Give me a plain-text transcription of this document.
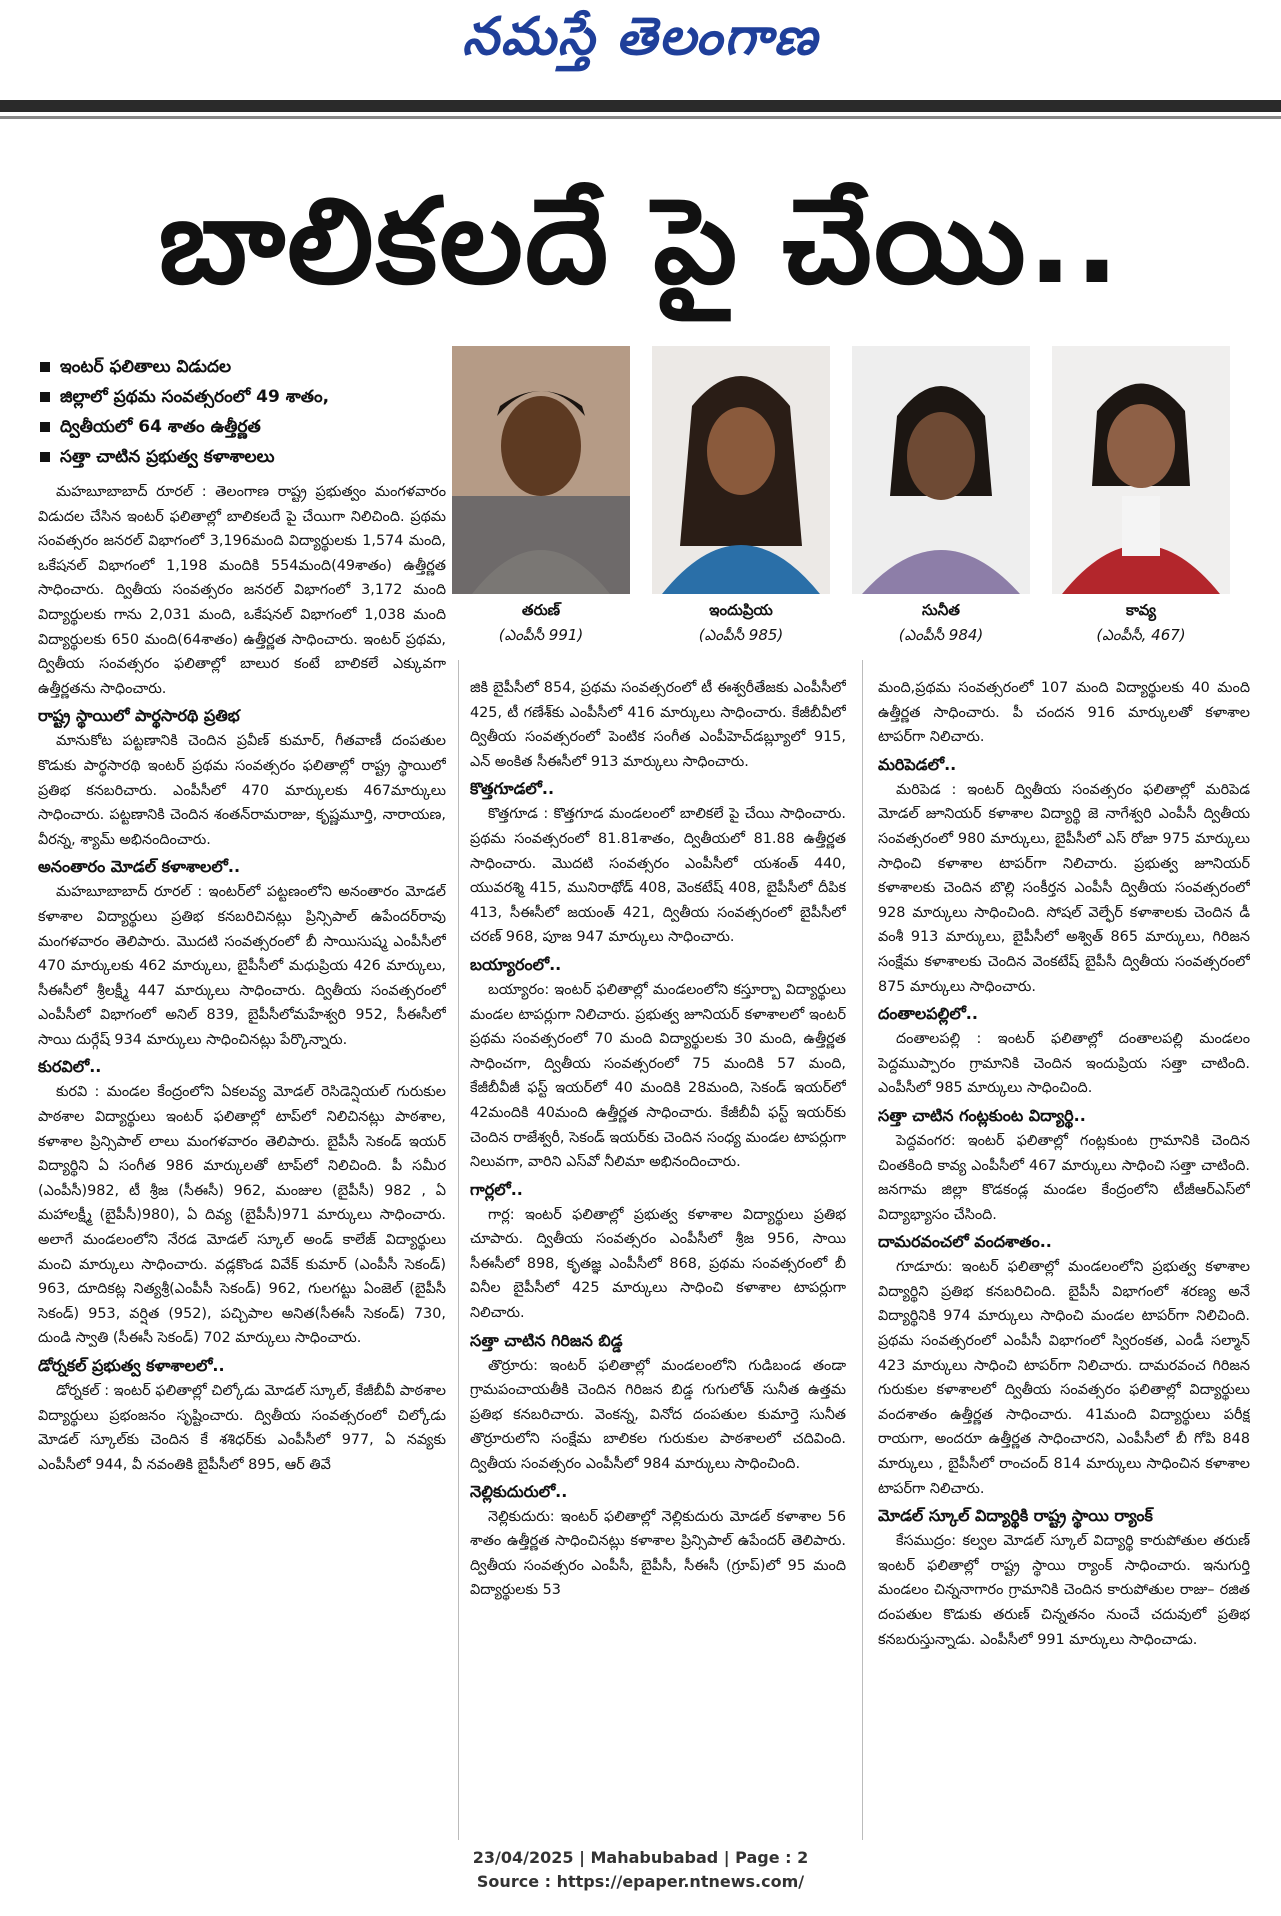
నమస్తే తెలంగాణ
బాలికలదే పై చేయి..
ఇంటర్ ఫలితాలు విడుదల
జిల్లాలో ప్రథమ సంవత్సరంలో 49 శాతం,
ద్వితీయలో 64 శాతం ఉత్తీర్ణత
సత్తా చాటిన ప్రభుత్వ కళాశాలలు
తరుణ్
(ఎంపీసీ 991)
ఇందుప్రియ
(ఎంపీసీ 985)
సునీత
(ఎంపీసీ 984)
కావ్య
(ఎంపీసీ, 467)

మహబూబాబాద్ రూరల్ : తెలంగాణ రాష్ట్ర ప్రభుత్వం మంగళవారం విడుదల చేసిన ఇంటర్ ఫలితాల్లో బాలికలదే పై చేయిగా నిలిచింది. ప్రథమ సంవత్సరం జనరల్ విభాగంలో 3,196మంది విద్యార్థులకు 1,574 మంది, ఒకేషనల్ విభాగంలో 1,198 మందికి 554మంది(49శాతం) ఉత్తీర్ణత సాధించారు. ద్వితీయ సంవత్సరం జనరల్ విభాగంలో 3,172 మంది విద్యార్థులకు గాను 2,031 మంది, ఒకేషనల్ విభాగంలో 1,038 మంది విద్యార్థులకు 650 మంది(64శాతం) ఉత్తీర్ణత సాధించారు. ఇంటర్ ప్రథమ, ద్వితీయ సంవత్సరం ఫలితాల్లో బాలుర కంటే బాలికలే ఎక్కువగా ఉత్తీర్ణతను సాధించారు.

రాష్ట్ర స్థాయిలో పార్థసారథి ప్రతిభ

మానుకోట పట్టణానికి చెందిన ప్రవీణ్ కుమార్, గీతవాణీ దంపతుల కొడుకు పార్థసారథి ఇంటర్ ప్రథమ సంవత్సరం ఫలితాల్లో రాష్ట్ర స్థాయిలో ప్రతిభ కనబరిచారు. ఎంపీసీలో 470 మార్కులకు 467మార్కులు సాధించారు. పట్టణానికి చెందిన శంతన్‌రామరాజు, కృష్ణమూర్తి, నారాయణ, వీరన్న, శ్యామ్ అభినందించారు.

అనంతారం మోడల్ కళాశాలలో..

మహబూబాబాద్ రూరల్ : ఇంటర్‌లో పట్టణంలోని అనంతారం మోడల్ కళాశాల విద్యార్థులు ప్రతిభ కనబరిచినట్లు ప్రిన్సిపాల్ ఉపేందర్‌రావు మంగళవారం తెలిపారు. మొదటి సంవత్సరంలో బీ సాయిసుష్మ ఎంపీసీలో 470 మార్కులకు 462 మార్కులు, బైపీసీలో మధుప్రియ 426 మార్కులు, సీఈసీలో శ్రీలక్ష్మీ 447 మార్కులు సాధించారు. ద్వితీయ సంవత్సరంలో ఎంపీసీలో విభాగంలో అనిల్ 839, బైపీసీలోమహేశ్వరి 952, సీఈసీలో సాయి దుర్గేష్ 934 మార్కులు సాధించినట్లు పేర్కొన్నారు.

కురవిలో..

కురవి : మండల కేంద్రంలోని ఏకలవ్య మోడల్ రెసిడెన్షియల్ గురుకుల పాఠశాల విద్యార్థులు ఇంటర్ ఫలితాల్లో టాప్‌లో నిలిచినట్లు పాఠశాల, కళాశాల ప్రిన్సిపాల్ లాలు మంగళవారం తెలిపారు. బైపీసీ సెకండ్ ఇయర్ విద్యార్థిని ఏ సంగీత 986 మార్కులతో టాప్‌లో నిలిచింది. పీ సమీర (ఎంపీసీ)982, టీ శ్రీజ (సీఈసీ) 962, మంజుల (బైపీసీ) 982 , ఏ మహాలక్ష్మీ (బైపీసీ)980), ఏ దివ్య (బైపీసీ)971 మార్కులు సాధించారు. అలాగే మండలంలోని నేరడ మోడల్ స్కూల్ అండ్ కాలేజ్ విద్యార్థులు మంచి మార్కులు సాధించారు. వడ్లకొండ వివేక్ కుమార్ (ఎంపీసీ సెకండ్) 963, దూదికట్ల నిత్యశ్రీ(ఎంపీసీ సెకండ్) 962, గులగట్టు ఏంజెల్ (బైపీసీ సెకండ్) 953, వర్షిత (952), పచ్చిపాల అనిత(సీఈసీ సెకండ్) 730, దుండి స్వాతి (సీఈసీ సెకండ్) 702 మార్కులు సాధించారు.

డోర్నకల్ ప్రభుత్వ కళాశాలలో..

డోర్నకల్ : ఇంటర్ ఫలితాల్లో చిల్కోడు మోడల్ స్కూల్, కేజీబీవీ పాఠశాల విద్యార్థులు ప్రభంజనం సృష్టించారు. ద్వితీయ సంవత్సరంలో చిల్కోడు మోడల్ స్కూల్‌కు చెందిన కే శశిధర్‌కు ఎంపీసీలో 977, ఏ నవ్యకు ఎంపీసీలో 944, వీ నవంతికి బైపీసీలో 895, ఆర్ తివే

జికి బైపీసీలో 854, ప్రథమ సంవత్సరంలో టీ ఈశ్వరీతేజకు ఎంపీసీలో 425, టీ గణేశ్‌కు ఎంపీసీలో 416 మార్కులు సాధించారు. కేజీబీవీలో ద్వితీయ సంవత్సరంలో పెంటిక సంగీత ఎంపీహెచ్‌డబ్ల్యూలో 915, ఎన్ అంకిత సీఈసీలో 913 మార్కులు సాధించారు.

కొత్తగూడలో..

కొత్తగూడ : కొత్తగూడ మండలంలో బాలికలే పై చేయి సాధించారు. ప్రథమ సంవత్సరంలో 81.81శాతం, ద్వితీయలో 81.88 ఉత్తీర్ణత సాధించారు. మొదటి సంవత్సరం ఎంపీసీలో యశంత్ 440, యువరశ్మి 415, మునిరాథోడ్ 408, వెంకటేష్ 408, బైపీసీలో దీపిక 413, సీఈసీలో జయంత్ 421, ద్వితీయ సంవత్సరంలో బైపీసీలో చరణ్ 968, పూజ 947 మార్కులు సాధించారు.

బయ్యారంలో..

బయ్యారం: ఇంటర్ ఫలితాల్లో మండలంలోని కస్తూర్బా విద్యార్థులు మండల టాపర్లుగా నిలిచారు. ప్రభుత్వ జూనియర్ కళాశాలలో ఇంటర్ ప్రథమ సంవత్సరంలో 70 మంది విద్యార్థులకు 30 మంది, ఉత్తీర్ణత సాధించగా, ద్వితీయ సంవత్సరంలో 75 మందికి 57 మంది, కేజీబీవీజీ ఫస్ట్ ఇయర్‌లో 40 మందికి 28మంది, సెకండ్ ఇయర్‌లో 42మందికి 40మంది ఉత్తీర్ణత సాధించారు. కేజీబీవీ ఫస్ట్ ఇయర్‌కు చెందిన రాజేశ్వరీ, సెకండ్ ఇయర్‌కు చెందిన సంధ్య మండల టాపర్లుగా నిలువగా, వారిని ఎస్‌వో నీలిమా అభినందించారు.

గార్లలో..

గార్ల: ఇంటర్ ఫలితాల్లో ప్రభుత్వ కళాశాల విద్యార్థులు ప్రతిభ చూపారు. ద్వితీయ సంవత్సరం ఎంపీసీలో శ్రీజ 956, సాయి సీఈసీలో 898, కృతజ్ఞ ఎంపీసీలో 868, ప్రథమ సంవత్సరంలో బీ వినీల బైపీసీలో 425 మార్కులు సాధించి కళాశాల టాపర్లుగా నిలిచారు.

సత్తా చాటిన గిరిజన బిడ్డ

తొర్రూరు: ఇంటర్ ఫలితాల్లో మండలంలోని గుడిబండ తండా గ్రామపంచాయతీకి చెందిన గిరిజన బిడ్డ గుగులోత్ సునీత ఉత్తమ ప్రతిభ కనబరిచారు. వెంకన్న, వినోద దంపతుల కుమార్తె సునీత తొర్రూరులోని సంక్షేమ బాలికల గురుకుల పాఠశాలలో చదివింది. ద్వితీయ సంవత్సరం ఎంపీసీలో 984 మార్కులు సాధించింది.

నెల్లికుదురులో..

నెల్లికుదురు: ఇంటర్ ఫలితాల్లో నెల్లికుదురు మోడల్ కళాశాల 56 శాతం ఉత్తీర్ణత సాధించినట్లు కళాశాల ప్రిన్సిపాల్ ఉపేందర్ తెలిపారు. ద్వితీయ సంవత్సరం ఎంపీసీ, బైపీసీ, సీఈసీ (గ్రూప్)లో 95 మంది విద్యార్థులకు 53

మంది,ప్రథమ సంవత్సరంలో 107 మంది విద్యార్థులకు 40 మంది ఉత్తీర్ణత సాధించారు. పీ చందన 916 మార్కులతో కళాశాల టాపర్‌గా నిలిచారు.

మరిపెడలో..

మరిపెడ : ఇంటర్ ద్వితీయ సంవత్సరం ఫలితాల్లో మరిపెడ మోడల్ జూనియర్ కళాశాల విద్యార్థి జె నాగేశ్వరి ఎంపీసీ ద్వితీయ సంవత్సరంలో 980 మార్కులు, బైపీసీలో ఎస్ రోజా 975 మార్కులు సాధించి కళాశాల టాపర్‌గా నిలిచారు. ప్రభుత్వ జూనియర్ కళాశాలకు చెందిన బొల్లి సంకీర్తన ఎంపీసీ ద్వితీయ సంవత్సరంలో 928 మార్కులు సాధించింది. సోషల్ వెల్ఫేర్ కళాశాలకు చెందిన డీ వంశీ 913 మార్కులు, బైపీసీలో అశ్విత్ 865 మార్కులు, గిరిజన సంక్షేమ కళాశాలకు చెందిన వెంకటేష్ బైపీసీ ద్వితీయ సంవత్సరంలో 875 మార్కులు సాధించారు.

దంతాలపల్లిలో..

దంతాలపల్లి : ఇంటర్ ఫలితాల్లో దంతాలపల్లి మండలం పెద్దముప్పారం గ్రామానికి చెందిన ఇందుప్రియ సత్తా చాటింది. ఎంపీసీలో 985 మార్కులు సాధించింది.

సత్తా చాటిన గంట్లకుంట విద్యార్థి..

పెద్దవంగర: ఇంటర్ ఫలితాల్లో గంట్లకుంట గ్రామానికి చెందిన చింతకింది కావ్య ఎంపీసీలో 467 మార్కులు సాధించి సత్తా చాటింది. జనగామ జిల్లా కొడకండ్ల మండల కేంద్రంలోని టీజీఆర్ఎస్‌లో విద్యాభ్యాసం చేసింది.

దామరవంచలో వందశాతం..

గూడూరు: ఇంటర్ ఫలితాల్లో మండలంలోని ప్రభుత్వ కళాశాల విద్యార్థిని ప్రతిభ కనబరిచింది. బైపీసీ విభాగంలో శరణ్య అనే విద్యార్థినికి 974 మార్కులు సాధించి మండల టాపర్‌గా నిలిచింది. ప్రథమ సంవత్సరంలో ఎంపీసీ విభాగంలో స్విరంకత, ఎండీ సల్మాన్ 423 మార్కులు సాధించి టాపర్‌గా నిలిచారు. దామరవంచ గిరిజన గురుకుల కళాశాలలో ద్వితీయ సంవత్సరం ఫలితాల్లో విద్యార్థులు వందశాతం ఉత్తీర్ణత సాధించారు. 41మంది విద్యార్థులు పరీక్ష రాయగా, అందరూ ఉత్తీర్ణత సాధించారని, ఎంపీసీలో బీ గోపి 848 మార్కులు , బైపీసీలో రాంచంద్ 814 మార్కులు సాధించిన కళాశాల టాపర్‌గా నిలిచారు.

మోడల్ స్కూల్ విద్యార్థికి రాష్ట్ర స్థాయి ర్యాంక్

కేసముద్రం: కల్వల మోడల్ స్కూల్ విద్యార్థి కారుపోతుల తరుణ్ ఇంటర్ ఫలితాల్లో రాష్ట్ర స్థాయి ర్యాంక్ సాధించారు. ఇనుగుర్తి మండలం చిన్ననాగారం గ్రామానికి చెందిన కారుపోతుల రాజు– రజిత దంపతుల కొడుకు తరుణ్ చిన్నతనం నుంచే చదువులో ప్రతిభ కనబరుస్తున్నాడు. ఎంపీసీలో 991 మార్కులు సాధించాడు.

23/04/2025 | Mahabubabad | Page : 2
Source : https://epaper.ntnews.com/
